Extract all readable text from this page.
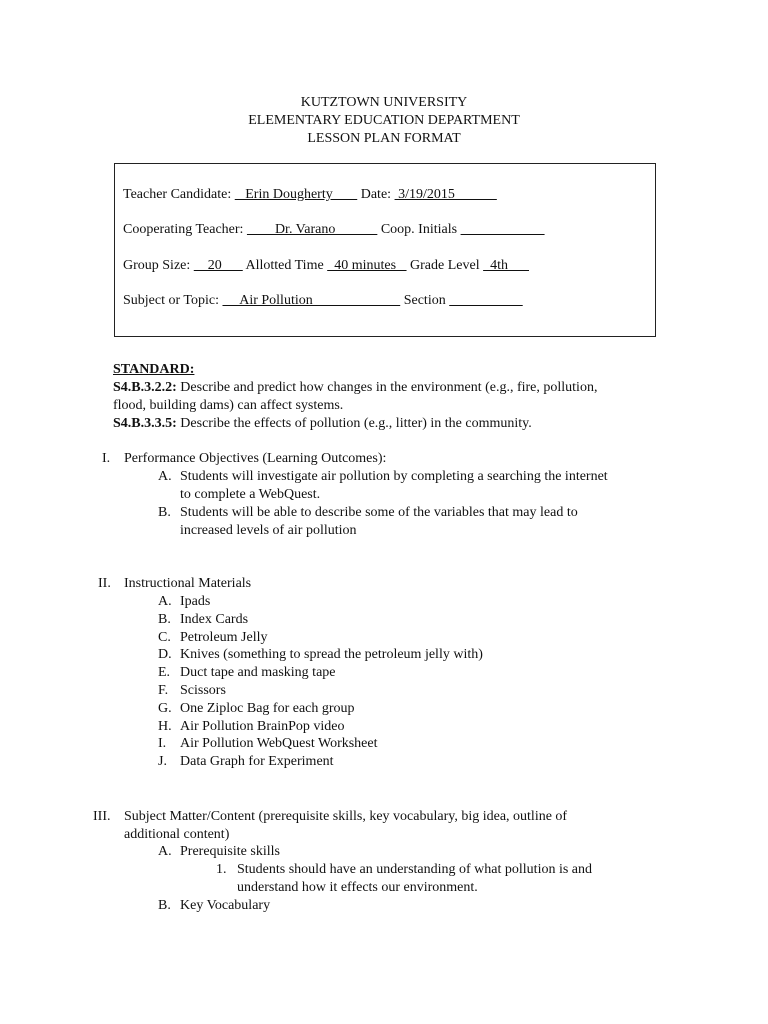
KUTZTOWN UNIVERSITY
ELEMENTARY EDUCATION DEPARTMENT
LESSON PLAN FORMAT
Teacher Candidate:    Erin Dougherty        Date:  3/19/2015
Cooperating Teacher:         Dr. Varano             Coop. Initials
Group Size:     20       Allotted Time   40 minutes    Grade Level   4th
Subject or Topic:      Air Pollution                          Section
STANDARD:
S4.B.3.2.2: Describe and predict how changes in the environment (e.g., fire, pollution,
flood, building dams) can affect systems.
S4.B.3.3.5: Describe the effects of pollution (e.g., litter) in the community.
I. Performance Objectives (Learning Outcomes):
A. Students will investigate air pollution by completing a searching the internet
to complete a WebQuest.
B. Students will be able to describe some of the variables that may lead to
increased levels of air pollution
II. Instructional Materials
A. Ipads
B. Index Cards
C. Petroleum Jelly
D. Knives (something to spread the petroleum jelly with)
E. Duct tape and masking tape
F. Scissors
G. One Ziploc Bag for each group
H. Air Pollution BrainPop video
I. Air Pollution WebQuest Worksheet
J. Data Graph for Experiment
III. Subject Matter/Content (prerequisite skills, key vocabulary, big idea, outline of
additional content)
A. Prerequisite skills
1. Students should have an understanding of what pollution is and
understand how it effects our environment.
B. Key Vocabulary
